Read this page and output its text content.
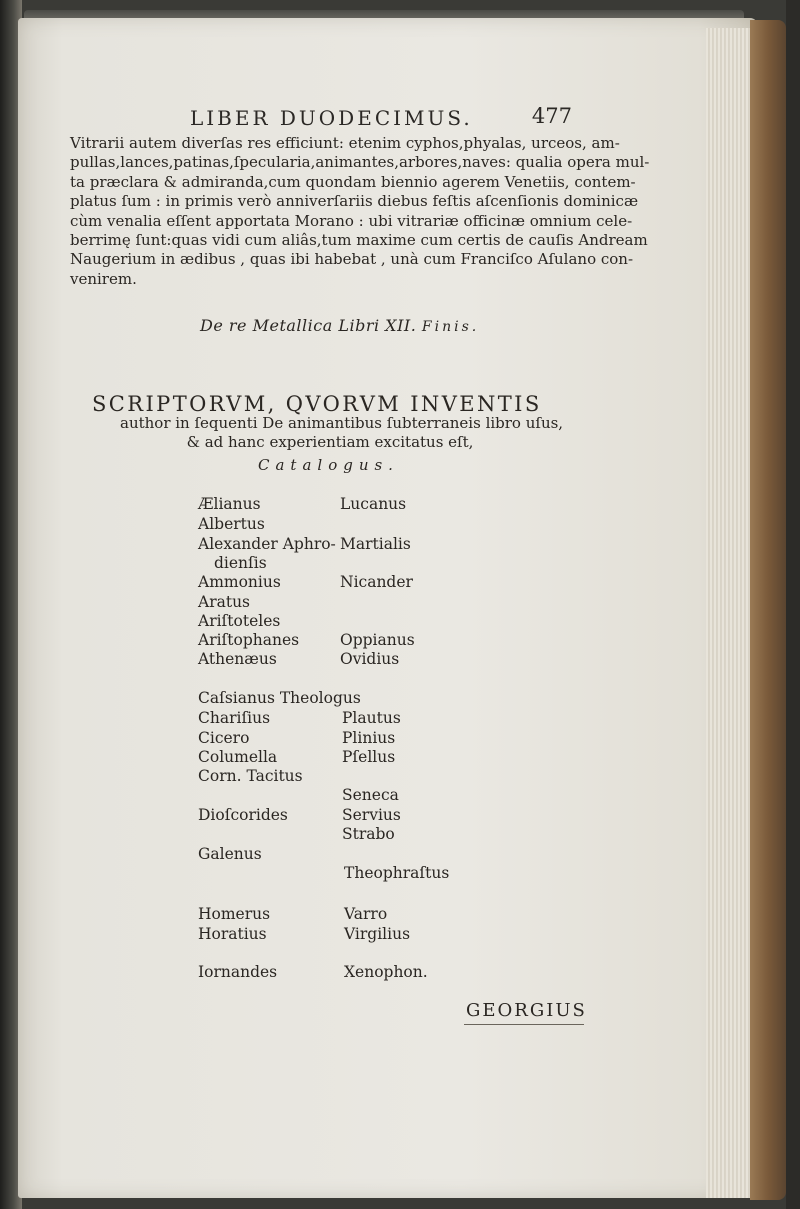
LIBER DUODECIMUS.	477
Vitrarii autem diverſas res efficiunt: etenim cyphos,phyalas, urceos, am-
pullas,lances,patinas,ſpecularia,animantes,arbores,naves: qualia opera mul-
ta præclara & admiranda,cum quondam biennio agerem Venetiis, contem-
platus ſum : in primis verò anniverſariis diebus feſtis aſcenſionis dominicæ
cùm venalia eſſent apportata Morano : ubi vitrariæ officinæ omnium cele-
berrimę ſunt:quas vidi cum aliâs,tum maxime cum certis de cauſis Andream
Naugerium in ædibus , quas ibi habebat , unà cum Franciſco Aſulano con-
venirem.
De re Metallica Libri XII. Finis.
SCRIPTORVM, QVORVM INVENTIS
author in ſequenti De animantibus ſubterraneis libro uſus,
& ad hanc experientiam excitatus eſt,
Catalogus.
Ælianus
Albertus
Alexander Aphro-
dienſis
Ammonius
Aratus
Ariſtoteles
Ariſtophanes
Athenæus
Caſsianus Theologus
Chariſius
Cicero
Columella
Corn. Tacitus
Dioſcorides
Galenus
Homerus
Horatius
Iornandes
Lucanus
Martialis
Nicander
Oppianus
Ovidius
Plautus
Plinius
Pſellus
Seneca
Servius
Strabo
Theophraſtus
Varro
Virgilius
Xenophon.
GEORGIUS
